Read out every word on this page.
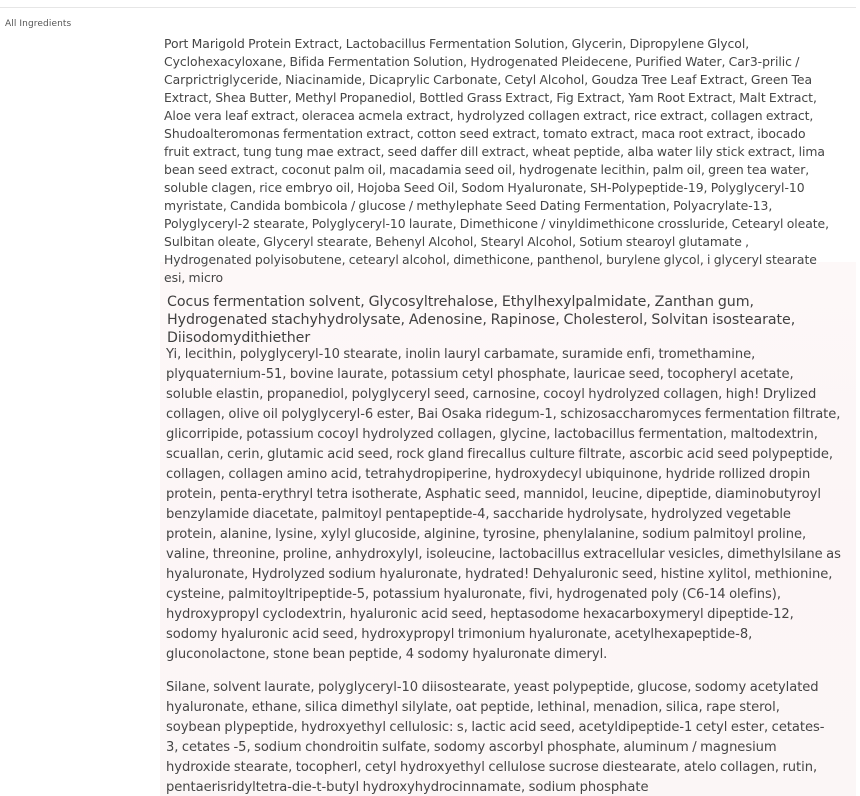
All Ingredients

Port Marigold Protein Extract, Lactobacillus Fermentation Solution, Glycerin, Dipropylene Glycol, Cyclohexacyloxane, Bifida Fermentation Solution, Hydrogenated Pleidecene, Purified Water, Car3-prilic / Carprictriglyceride, Niacinamide, Dicaprylic Carbonate, Cetyl Alcohol, Goudza Tree Leaf Extract, Green Tea Extract, Shea Butter, Methyl Propanediol, Bottled Grass Extract, Fig Extract, Yam Root Extract, Malt Extract, Aloe vera leaf extract, oleracea acmela extract, hydrolyzed collagen extract, rice extract, collagen extract, Shudoalteromonas fermentation extract, cotton seed extract, tomato extract, maca root extract, ibocado fruit extract, tung tung mae extract, seed daffer dill extract, wheat peptide, alba water lily stick extract, lima bean seed extract, coconut palm oil, macadamia seed oil, hydrogenate lecithin, palm oil, green tea water, soluble clagen, rice embryo oil, Hojoba Seed Oil, Sodom Hyaluronate, SH-Polypeptide-19, Polyglyceryl-10 myristate, Candida bombicola / glucose / methylephate Seed Dating Fermentation, Polyacrylate-13, Polyglyceryl-2 stearate, Polyglyceryl-10 laurate, Dimethicone / vinyldimethicone crossluride, Cetearyl oleate, Sulbitan oleate, Glyceryl stearate, Behenyl Alcohol, Stearyl Alcohol, Sotium stearoyl glutamate , Hydrogenated polyisobutene, cetearyl alcohol, dimethicone, panthenol, burylene glycol, i glyceryl stearate esi, micro

Cocus fermentation solvent, Glycosyltrehalose, Ethylhexylpalmidate, Zanthan gum, Hydrogenated stachyhydrolysate, Adenosine, Rapinose, Cholesterol, Solvitan isostearate, Diisodomydithiether

Yi, lecithin, polyglyceryl-10 stearate, inolin lauryl carbamate, suramide enfi, tromethamine, plyquaternium-51, bovine laurate, potassium cetyl phosphate, lauricae seed, tocopheryl acetate, soluble elastin, propanediol, polyglyceryl seed, carnosine, cocoyl hydrolyzed collagen, high! Drylized collagen, olive oil polyglyceryl-6 ester, Bai Osaka ridegum-1, schizosaccharomyces fermentation filtrate, glicorripide, potassium cocoyl hydrolyzed collagen, glycine, lactobacillus fermentation, maltodextrin, scuallan, cerin, glutamic acid seed, rock gland firecallus culture filtrate, ascorbic acid seed polypeptide, collagen, collagen amino acid, tetrahydropiperine, hydroxydecyl ubiquinone, hydride rollized dropin protein, penta-erythryl tetra isotherate, Asphatic seed, mannidol, leucine, dipeptide, diaminobutyroyl benzylamide diacetate, palmitoyl pentapeptide-4, saccharide hydrolysate, hydrolyzed vegetable protein, alanine, lysine, xylyl glucoside, alginine, tyrosine, phenylalanine, sodium palmitoyl proline, valine, threonine, proline, anhydroxylyl, isoleucine, lactobacillus extracellular vesicles, dimethylsilane as hyaluronate, Hydrolyzed sodium hyaluronate, hydrated! Dehyaluronic seed, histine xylitol, methionine, cysteine, palmitoyltripeptide-5, potassium hyaluronate, fivi, hydrogenated poly (C6-14 olefins), hydroxypropyl cyclodextrin, hyaluronic acid seed, heptasodome hexacarboxymeryl dipeptide-12, sodomy hyaluronic acid seed, hydroxypropyl trimonium hyaluronate, acetylhexapeptide-8, gluconolactone, stone bean peptide, 4 sodomy hyaluronate dimeryl.

Silane, solvent laurate, polyglyceryl-10 diisostearate, yeast polypeptide, glucose, sodomy acetylated hyaluronate, ethane, silica dimethyl silylate, oat peptide, lethinal, menadion, silica, rape sterol, soybean plypeptide, hydroxyethyl cellulosic: s, lactic acid seed, acetyldipeptide-1 cetyl ester, cetates-3, cetates -5, sodium chondroitin sulfate, sodomy ascorbyl phosphate, aluminum / magnesium hydroxide stearate, tocopherl, cetyl hydroxyethyl cellulose sucrose diestearate, atelo collagen, rutin, pentaerisridyltetra-die-t-butyl hydroxyhydrocinnamate, sodium phosphate
